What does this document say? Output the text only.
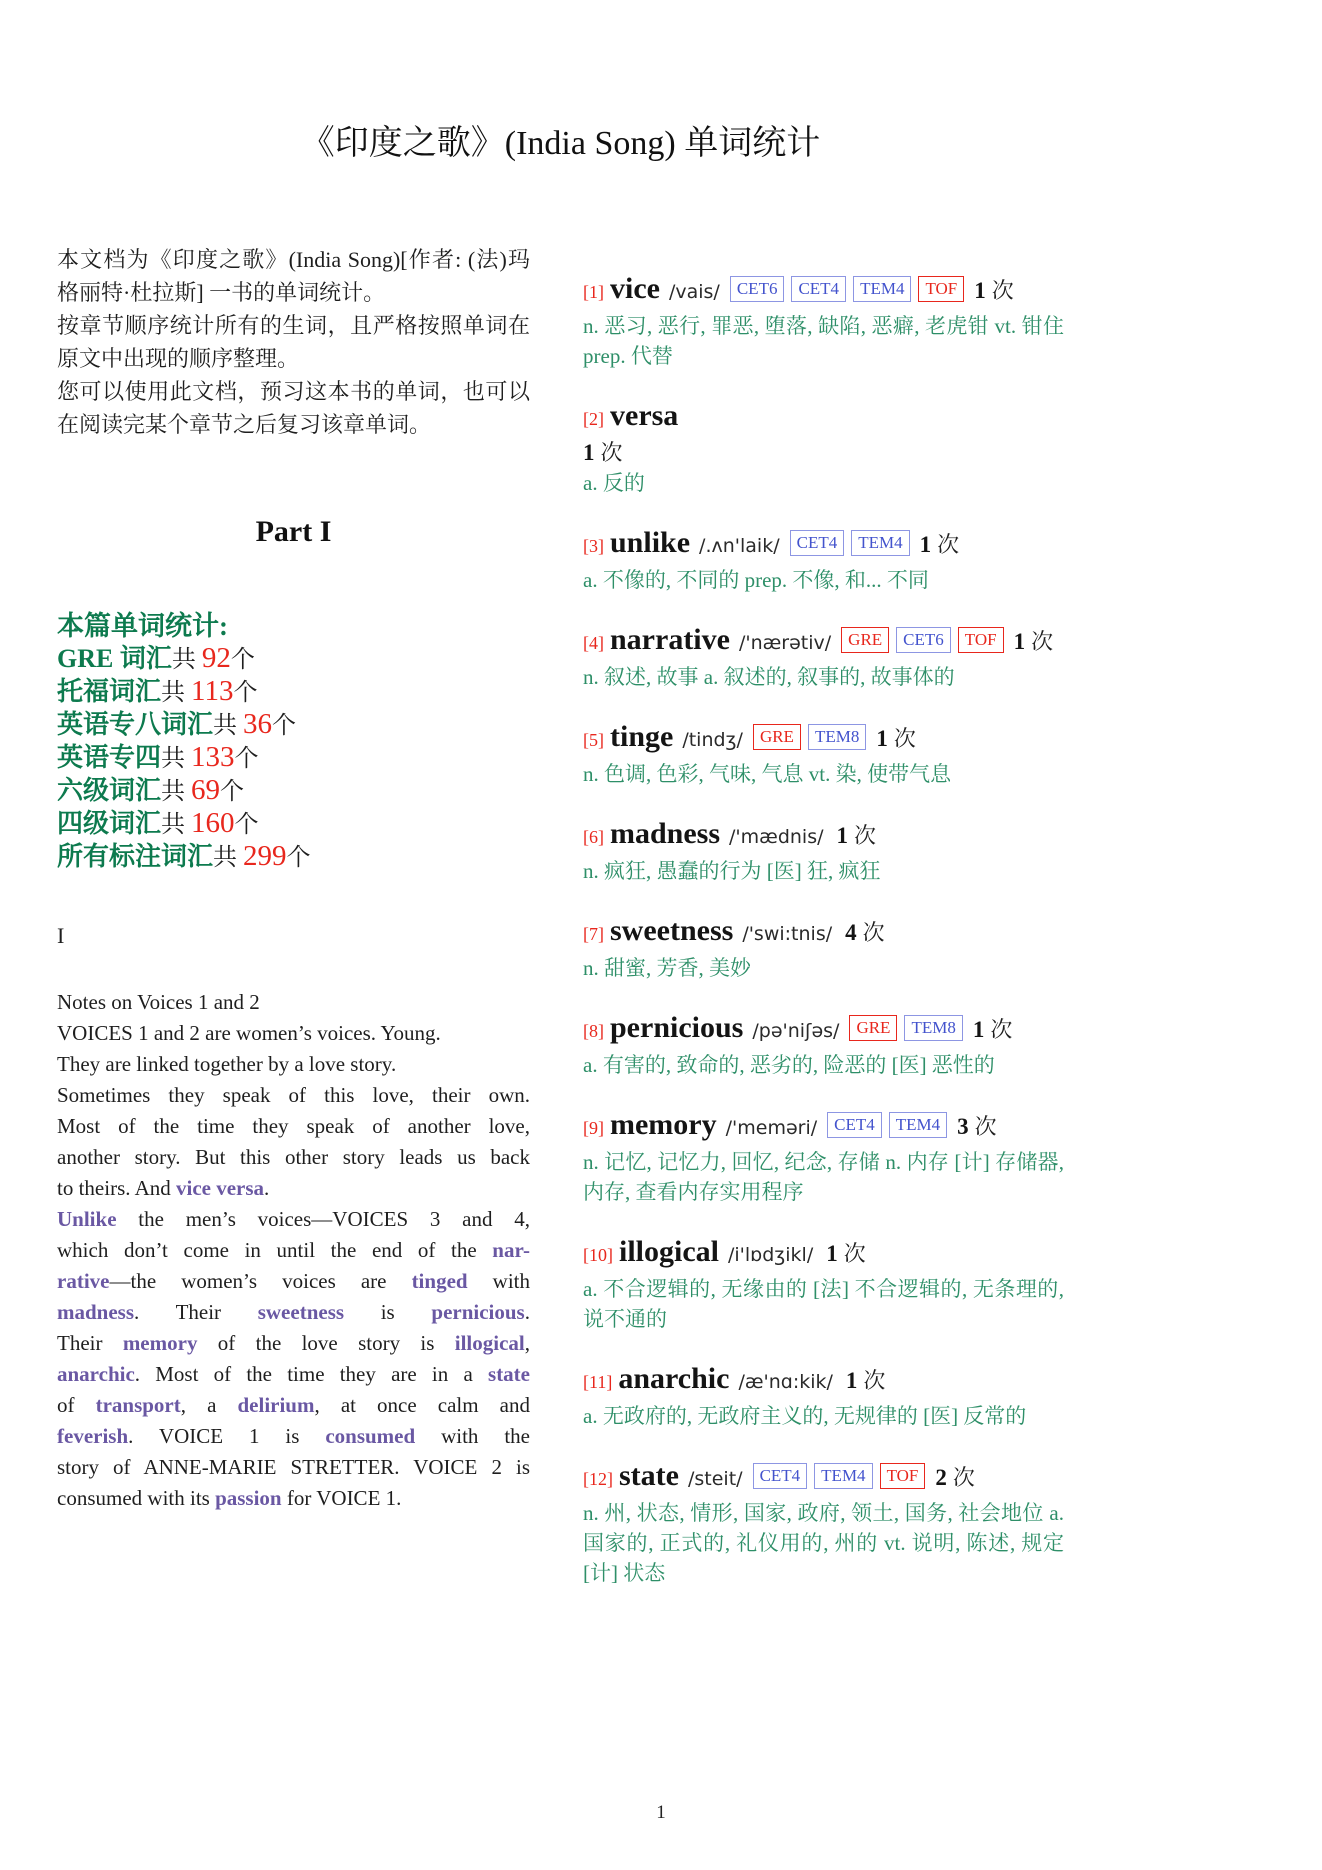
《印度之歌》(India Song) 单词统计

本文档为《印度之歌》(India Song)[作者: (法)玛格丽特·杜拉斯] 一书的单词统计。

按章节顺序统计所有的生词，且严格按照单词在原文中出现的顺序整理。

您可以使用此文档，预习这本书的单词，也可以在阅读完某个章节之后复习该章单词。

Part I
本篇单词统计:
GRE 词汇共 92个
托福词汇共 113个
英语专八词汇共 36个
英语专四共 133个
六级词汇共 69个
四级词汇共 160个
所有标注词汇共 299个
I
Notes on Voices 1 and 2
VOICES 1 and 2 are women’s voices. Young.
They are linked together by a love story.
Sometimes they speak of this love, their own.
Most of the time they speak of another love,
another story. But this other story leads us back
to theirs. And vice versa.
Unlike the men’s voices—VOICES 3 and 4,
which don’t come in until the end of the nar-
rative—the women’s voices are tinged with
madness. Their sweetness is pernicious.
Their memory of the love story is illogical,
anarchic. Most of the time they are in a state
of transport, a delirium, at once calm and
feverish. VOICE 1 is consumed with the
story of ANNE-MARIE STRETTER. VOICE 2 is
consumed with its passion for VOICE 1.
[1] vice /vais/ CET6 CET4 TEM4 TOF 1 次
n. 恶习, 恶行, 罪恶, 堕落, 缺陷, 恶癖, 老虎钳 vt. 钳住 prep. 代替
[2] versa
1 次
a. 反的
[3] unlike /.ʌn'laik/ CET4 TEM4 1 次
a. 不像的, 不同的 prep. 不像, 和... 不同
[4] narrative /'nærətiv/ GRE CET6 TOF 1 次
n. 叙述, 故事 a. 叙述的, 叙事的, 故事体的
[5] tinge /tindʒ/ GRE TEM8 1 次
n. 色调, 色彩, 气味, 气息 vt. 染, 使带气息
[6] madness /'mædnis/ 1 次
n. 疯狂, 愚蠢的行为 [医] 狂, 疯狂
[7] sweetness /'swi:tnis/ 4 次
n. 甜蜜, 芳香, 美妙
[8] pernicious /pə'niʃəs/ GRE TEM8 1 次
a. 有害的, 致命的, 恶劣的, 险恶的 [医] 恶性的
[9] memory /'meməri/ CET4 TEM4 3 次
n. 记忆, 记忆力, 回忆, 纪念, 存储 n. 内存 [计] 存储器, 内存, 查看内存实用程序
[10] illogical /i'lɒdʒikl/ 1 次
a. 不合逻辑的, 无缘由的 [法] 不合逻辑的, 无条理的, 说不通的
[11] anarchic /æ'nɑ:kik/ 1 次
a. 无政府的, 无政府主义的, 无规律的 [医] 反常的
[12] state /steit/ CET4 TEM4 TOF 2 次
n. 州, 状态, 情形, 国家, 政府, 领土, 国务, 社会地位 a. 国家的, 正式的, 礼仪用的, 州的 vt. 说明, 陈述, 规定 [计] 状态
1
